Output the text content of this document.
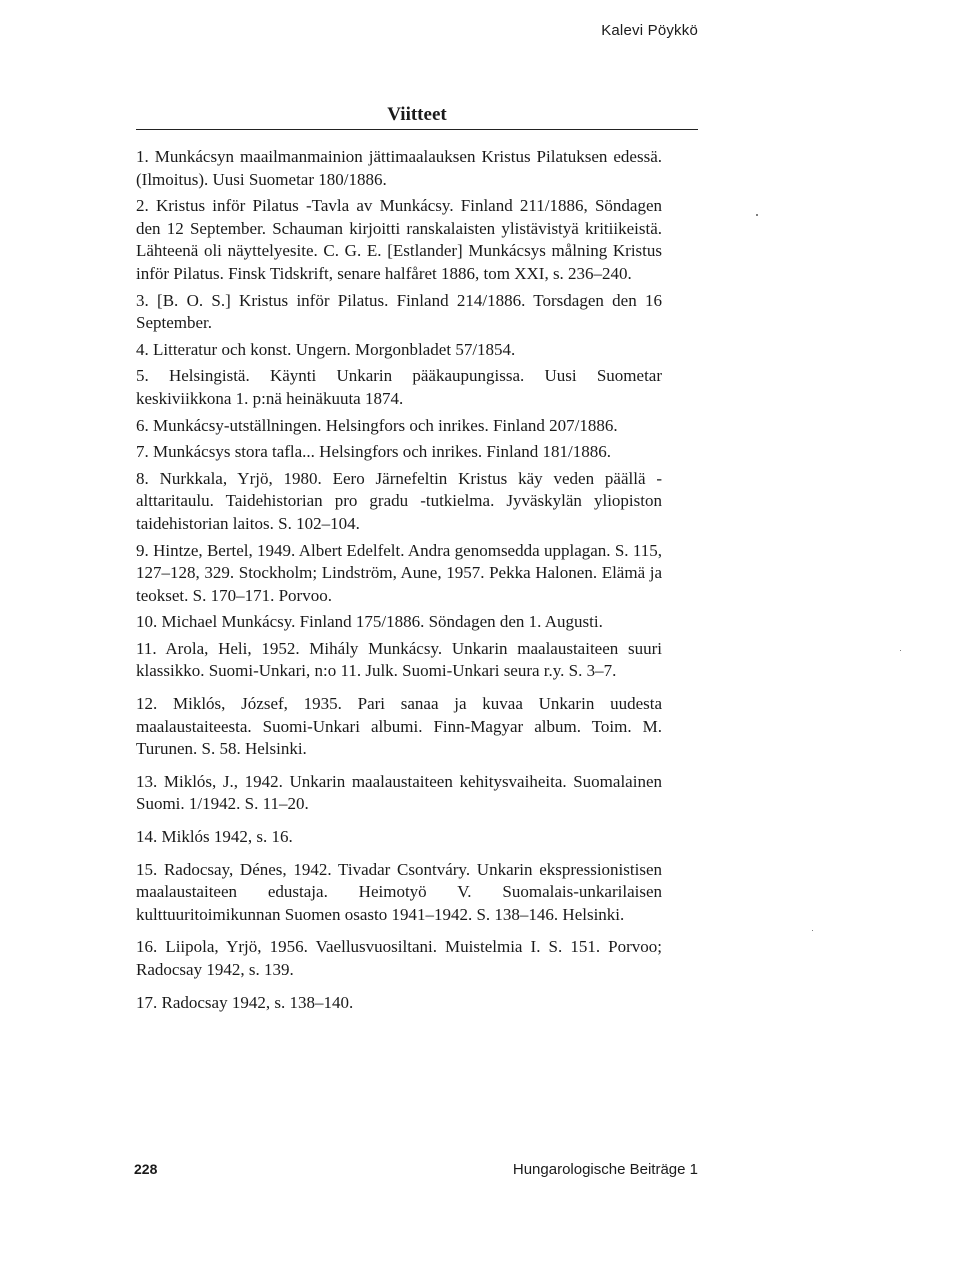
Kalevi Pöykkö
Viitteet
1. Munkácsyn maailmanmainion jättimaalauksen Kristus Pilatuksen edessä. (Ilmoitus). Uusi Suometar 180/1886.
2. Kristus inför Pilatus -Tavla av Munkácsy. Finland 211/1886, Söndagen den 12 September. Schauman kirjoitti ranskalaisten ylistävistyä kritiikeistä. Lähteenä oli näyttelyesite. C. G. E. [Estlander] Munkácsys målning Kristus inför Pilatus. Finsk Tidskrift, senare halfåret 1886, tom XXI, s. 236–240.
3. [B. O. S.] Kristus inför Pilatus. Finland 214/1886. Torsdagen den 16 September.
4. Litteratur och konst. Ungern. Morgonbladet 57/1854.
5. Helsingistä. Käynti Unkarin pääkaupungissa. Uusi Suometar keskiviikkona 1. p:nä heinäkuuta 1874.
6. Munkácsy-utställningen. Helsingfors och inrikes. Finland 207/1886.
7. Munkácsys stora tafla... Helsingfors och inrikes. Finland 181/1886.
8. Nurkkala, Yrjö, 1980. Eero Järnefeltin Kristus käy veden päällä -alttaritaulu. Taidehistorian pro gradu -tutkielma. Jyväskylän yliopiston taidehistorian laitos. S. 102–104.
9. Hintze, Bertel, 1949. Albert Edelfelt. Andra genomsedda upplagan. S. 115, 127–128, 329. Stockholm; Lindström, Aune, 1957. Pekka Halonen. Elämä ja teokset. S. 170–171. Porvoo.
10. Michael Munkácsy. Finland 175/1886. Söndagen den 1. Augusti.
11. Arola, Heli, 1952. Mihály Munkácsy. Unkarin maalaustaiteen suuri klassikko. Suomi-Unkari, n:o 11. Julk. Suomi-Unkari seura r.y. S. 3–7.
12. Miklós, József, 1935. Pari sanaa ja kuvaa Unkarin uudesta maalaustaiteesta. Suomi-Unkari albumi. Finn-Magyar album. Toim. M. Turunen. S. 58. Helsinki.
13. Miklós, J., 1942. Unkarin maalaustaiteen kehitysvaiheita. Suomalainen Suomi. 1/1942. S. 11–20.
14. Miklós 1942, s. 16.
15. Radocsay, Dénes, 1942. Tivadar Csontváry. Unkarin ekspressionistisen maalaustaiteen edustaja. Heimotyö V. Suomalais-unkarilaisen kulttuuritoimikunnan Suomen osasto 1941–1942. S. 138–146. Helsinki.
16. Liipola, Yrjö, 1956. Vaellusvuosiltani. Muistelmia I. S. 151. Porvoo; Radocsay 1942, s. 139.
17. Radocsay 1942, s. 138–140.
228	Hungarologische Beiträge 1
